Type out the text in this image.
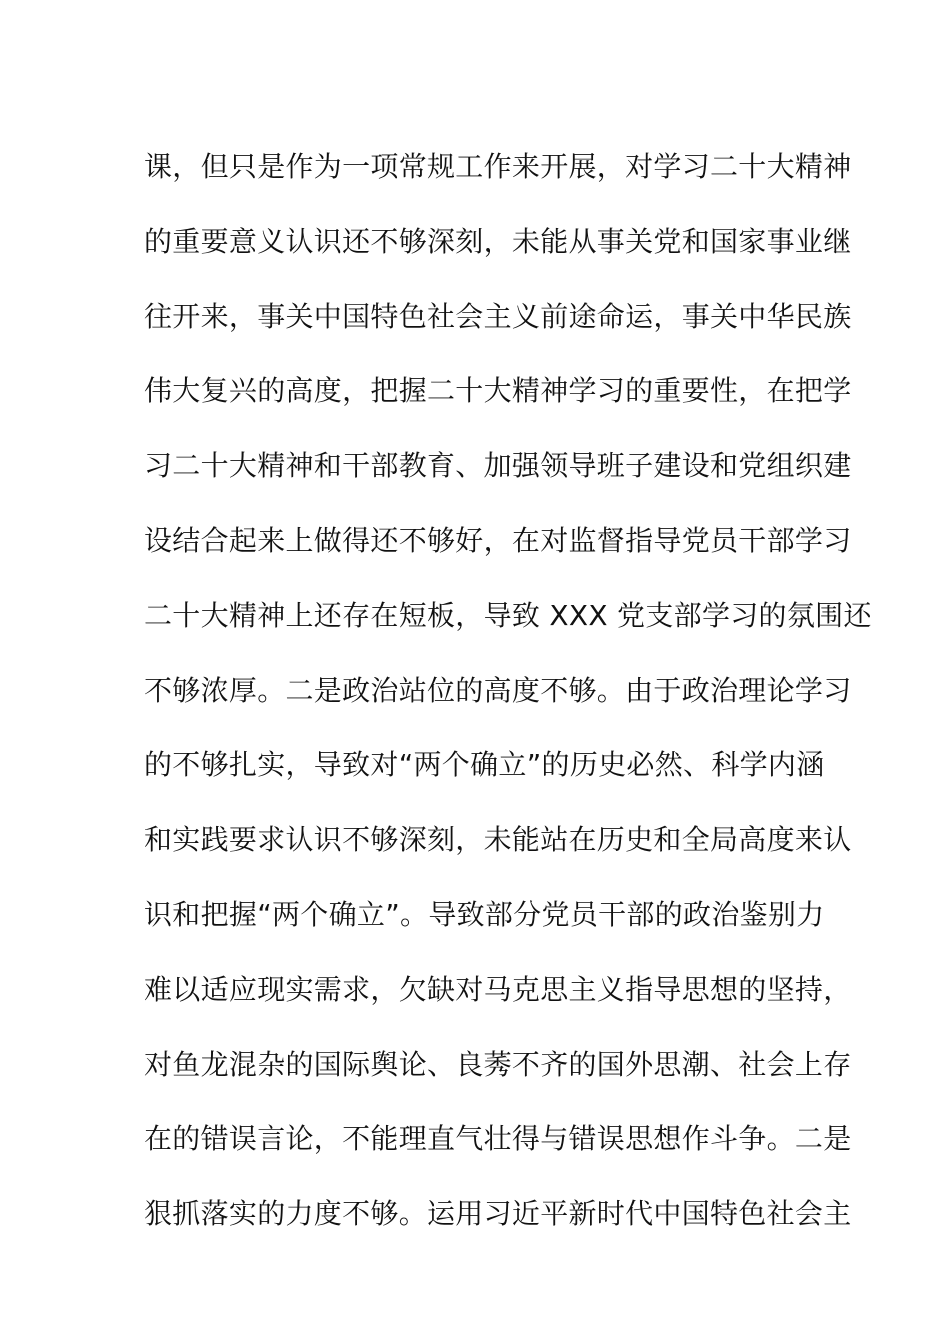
课，但只是作为一项常规工作来开展，对学习二十大精神
的重要意义认识还不够深刻，未能从事关党和国家事业继
往开来，事关中国特色社会主义前途命运，事关中华民族
伟大复兴的高度，把握二十大精神学习的重要性，在把学
习二十大精神和干部教育、加强领导班子建设和党组织建
设结合起来上做得还不够好，在对监督指导党员干部学习
二十大精神上还存在短板，导致 XXX 党支部学习的氛围还
不够浓厚。二是政治站位的高度不够。由于政治理论学习
的不够扎实，导致对“两个确立”的历史必然、科学内涵
和实践要求认识不够深刻，未能站在历史和全局高度来认
识和把握“两个确立”。导致部分党员干部的政治鉴别力
难以适应现实需求，欠缺对马克思主义指导思想的坚持，
对鱼龙混杂的国际舆论、良莠不齐的国外思潮、社会上存
在的错误言论，不能理直气壮得与错误思想作斗争。二是
狠抓落实的力度不够。运用习近平新时代中国特色社会主
